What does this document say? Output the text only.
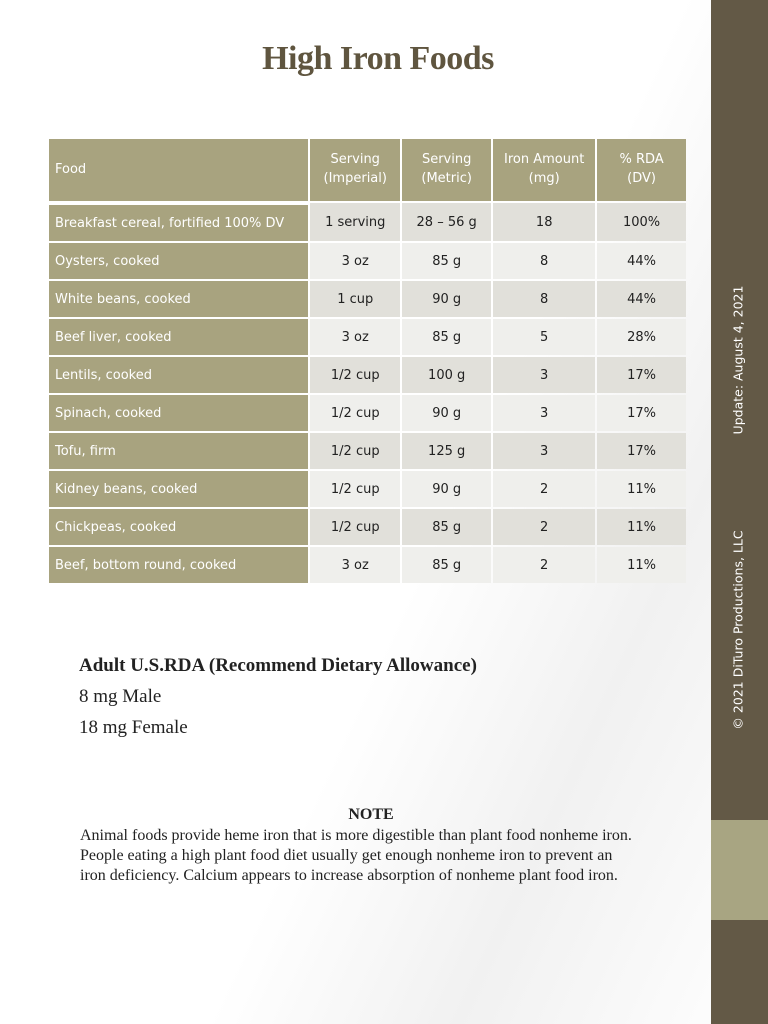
High Iron Foods
Update: August 4, 2021
© 2021 DiTuro Productions, LLC
Food	Serving (Imperial)	Serving (Metric)	Iron Amount (mg)	% RDA (DV)
Breakfast cereal, fortified 100% DV	1 serving	28 – 56 g	18	100%
Oysters, cooked	3 oz	85 g	8	44%
White beans, cooked	1 cup	90 g	8	44%
Beef liver, cooked	3 oz	85 g	5	28%
Lentils, cooked	1/2 cup	100 g	3	17%
Spinach, cooked	1/2 cup	90 g	3	17%
Tofu, firm	1/2 cup	125 g	3	17%
Kidney beans, cooked	1/2 cup	90 g	2	11%
Chickpeas, cooked	1/2 cup	85 g	2	11%
Beef, bottom round, cooked	3 oz	85 g	2	11%

Adult U.S.RDA (Recommend Dietary Allowance)

8 mg Male

18 mg Female

NOTE
Animal foods provide heme iron that is more digestible than plant food nonheme iron. People eating a high plant food diet usually get enough nonheme iron to prevent an iron deficiency. Calcium appears to increase absorption of nonheme plant food iron.
